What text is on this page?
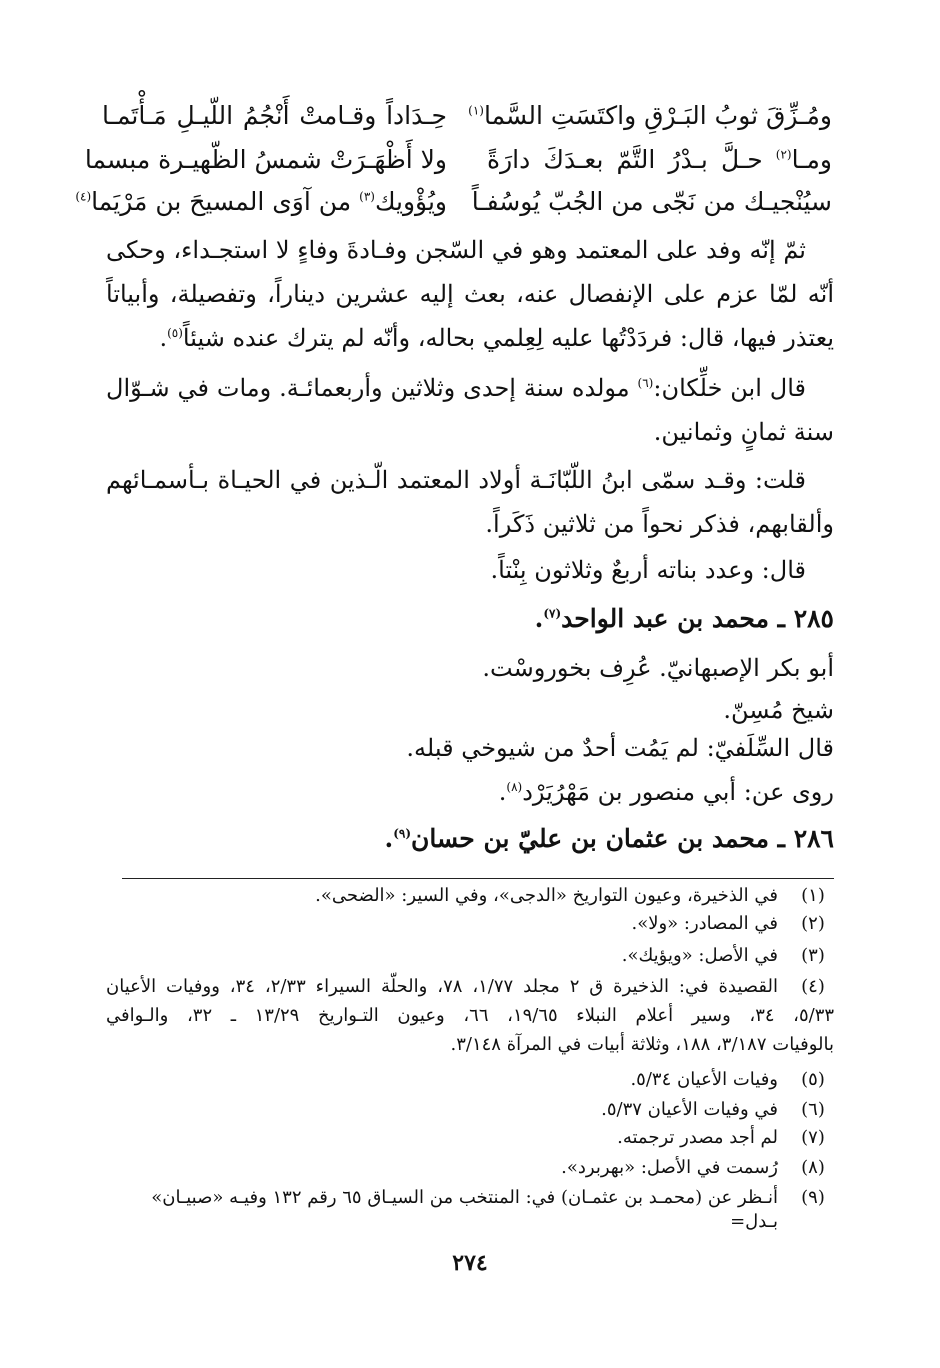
ومُـزِّقَ ثوبُ البَـرْقِ واكتَسَتِ السَّما$^{(١)}$
حِـدَاداً وقـامتْ أَنْجُمُ اللّيـلِ مَـأْتَمـا
ومـا$^{(٢)}$ حـلَّ بـدْرُ التَّمّ بعـدَكَ دارَةً
ولا أَظْهَـرَتْ شمسُ الظّهيـرة مبسما
سيُنْجيـك من نَجّى من الجُبّ يُوسُفـاً
ويُؤْويك$^{(٣)}$ من آوَى المسيحَ بن مَرْيَما$^{(٤)}$
ثمّ إنّه وفد على المعتمد وهو في السّجن وفـادةَ وفاءٍ لا استجـداء، وحكى أنّه لمّا عزم على الإنفصال عنه، بعث إليه عشرين ديناراً، وتفصيلة، وأبياتاً يعتذر فيها، قال: فردَدْتُها عليه لِعِلمي بحاله، وأنّه لم يترك عنده شيئاً$^{(٥)}$.
قال ابن خلِّكان:$^{(٦)}$ مولده سنة إحدى وثلاثين وأربعمائـة. ومات في شـوّال سنة ثمانٍ وثمانين.
قلت: وقـد سمّى ابنُ اللّبّانَـة أولاد المعتمد الّـذين في الحيـاة بـأسمـائهم وألقابهم، فذكر نحواً من ثلاثين ذَكَراً.
قال: وعدد بناته أربعٌ وثلاثون بِنْتاً.
٢٨٥ ـ محمد بن عبد الواحد$^{(٧)}$.
أبو بكر الإصبهانيّ. عُرِف بخوروسْت.
شيخ مُسِنّ.
قال السِّلَفيّ: لم يَمُت أحدٌ من شيوخي قبله.
روى عن: أبي منصور بن مَهْرُيَرْد$^{(٨)}$.
٢٨٦ ـ محمد بن عثمان بن عليّ بن حسان$^{(٩)}$.
(١)
في الذخيرة، وعيون التواريخ «الدجى»، وفي السير: «الضحى».
(٢)
في المصادر: «ولا».
(٣)
في الأصل: «ويؤيك».
(٤)
القصيدة في: الذخيرة ق ٢ مجلد ١/٧٧، ٧٨، والحلّة السيراء ٢/٣٣، ٣٤، ووفيات الأعيان
٥/٣٣، ٣٤، وسير أعلام النبلاء ١٩/٦٥، ٦٦، وعيون التـواريخ ١٣/٢٩ ـ ٣٢، والـوافي
بالوفيات ٣/١٨٧، ١٨٨، وثلاثة أبيات في المرآة ٣/١٤٨.
(٥)
وفيات الأعيان ٥/٣٤.
(٦)
في وفيات الأعيان ٥/٣٧.
(٧)
لم أجد مصدر ترجمته.
(٨)
رُسمت في الأصل: «بهربرد».
(٩)
أنـظر عن (محمـد بن عثمـان) في: المنتخب من السيـاق ٦٥ رقم ١٣٢ وفيـه «صبيـان» بـدل=
٢٧٤
